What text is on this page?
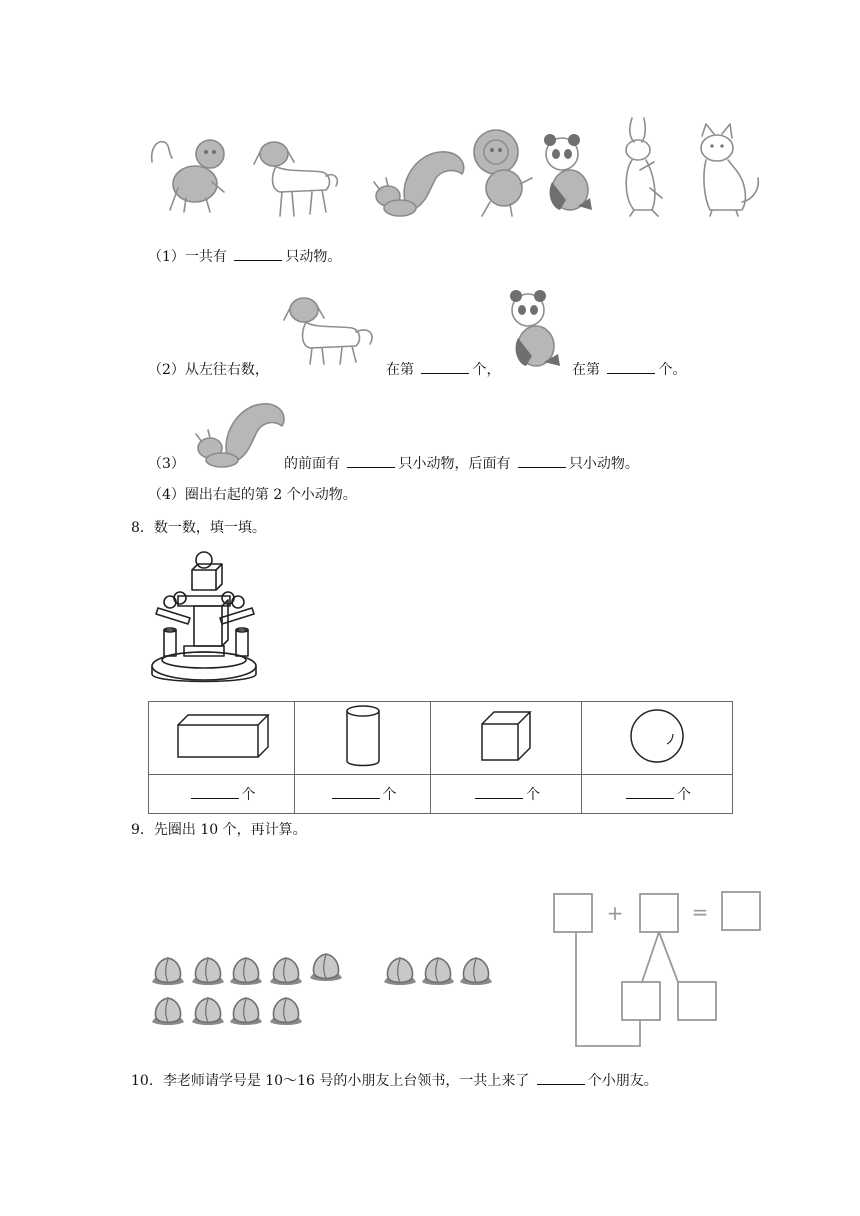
（1）一共有	只动物。
（2）从左往右数，	在第	个，	在第	个。
（3）	的前面有	只小动物，后面有	只小动物。
（4）圈出右起的第 2 个小动物。
8．数一数，填一填。

个	个	个	个
9．先圈出 10 个，再计算。
+	=
10．李老师请学号是 10～16 号的小朋友上台领书，一共上来了	个小朋友。
